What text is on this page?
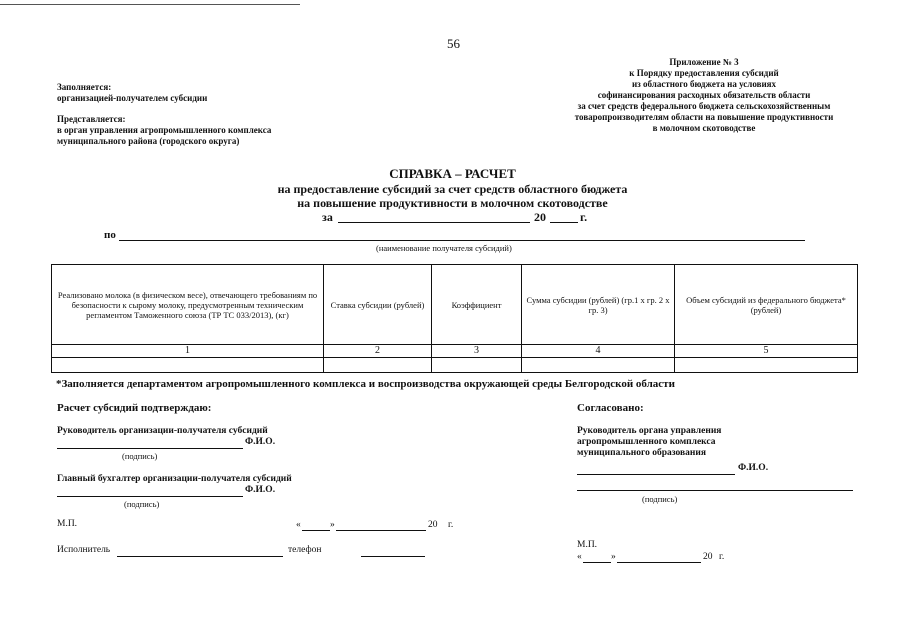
56
Приложение № 3
к Порядку предоставления субсидий
из областного бюджета на условиях
софинансирования расходных обязательств области
за счет средств федерального бюджета сельскохозяйственным
товаропроизводителям области на повышение продуктивности
в молочном скотоводстве
Заполняется:
организацией-получателем субсидии
Представляется:
в орган управления агропромышленного комплекса
муниципального района (городского округа)
СПРАВКА – РАСЧЕТ
на предоставление субсидий за счет средств областного бюджета
на повышение продуктивности в молочном скотоводстве
за	20	г.
по
(наименование получателя субсидий)
Реализовано молока (в физическом весе), отвечающего требованиям по безопасности к сырому молоку, предусмотренным техническим регламентом Таможенного союза (ТР ТС 033/2013), (кг)	Ставка субсидии (рублей)	Коэффициент	Сумма субсидии (рублей) (гр.1 х гр. 2 х гр. 3)	Объем субсидий из федерального бюджета* (рублей)
1	2	3	4	5

*Заполняется департаментом агропромышленного комплекса и воспроизводства окружающей среды Белгородской области
Расчет субсидий подтверждаю:
Руководитель организации-получателя субсидий
Ф.И.О.
(подпись)
Главный бухгалтер организации-получателя субсидий
Ф.И.О.
(подпись)
М.П.	«	»	20 г.
Исполнитель	телефон
Согласовано:
Руководитель органа управления
агропромышленного комплекса
муниципального образования
Ф.И.О.
(подпись)
М.П.
«	»	20 г.
